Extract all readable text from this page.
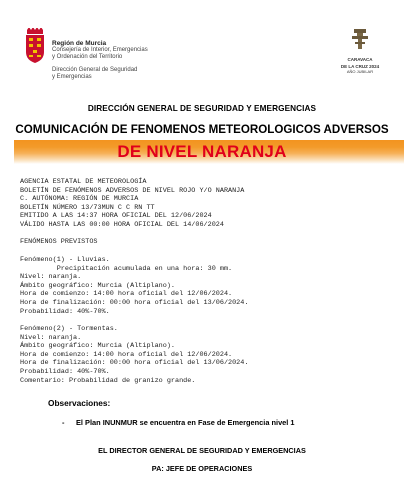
Región de Murcia
Consejería de Interior, Emergencias
y Ordenación del Territorio
Dirección General de Seguridad
y Emergencias
CARAVACA
DE LA CRUZ 2024
AÑO JUBILAR
DIRECCIÓN GENERAL DE SEGURIDAD Y EMERGENCIAS
COMUNICACIÓN DE FENOMENOS METEOROLOGICOS ADVERSOS
DE NIVEL NARANJA
AGENCIA ESTATAL DE METEOROLOGÍA
BOLETÍN DE FENÓMENOS ADVERSOS DE NIVEL ROJO Y/O NARANJA
C. AUTÓNOMA: REGIÓN DE MURCIA
BOLETÍN NÚMERO 13/73MUN C C RN TT
EMITIDO A LAS 14:37 HORA OFICIAL DEL 12/06/2024
VÁLIDO HASTA LAS 00:00 HORA OFICIAL DEL 14/06/2024
FENÓMENOS PREVISTOS
Fenómeno(1) - Lluvias.
Precipitación acumulada en una hora: 30 mm.
Nivel: naranja.
Ámbito geográfico: Murcia (Altiplano).
Hora de comienzo: 14:00 hora oficial del 12/06/2024.
Hora de finalización: 00:00 hora oficial del 13/06/2024.
Probabilidad: 40%-70%.
Fenómeno(2) - Tormentas.
Nivel: naranja.
Ámbito geográfico: Murcia (Altiplano).
Hora de comienzo: 14:00 hora oficial del 12/06/2024.
Hora de finalización: 00:00 hora oficial del 13/06/2024.
Probabilidad: 40%-70%.
Comentario: Probabilidad de granizo grande.
Observaciones:
- El Plan INUNMUR se encuentra en Fase de Emergencia nivel 1
EL DIRECTOR GENERAL DE SEGURIDAD Y EMERGENCIAS
PA: JEFE DE OPERACIONES
